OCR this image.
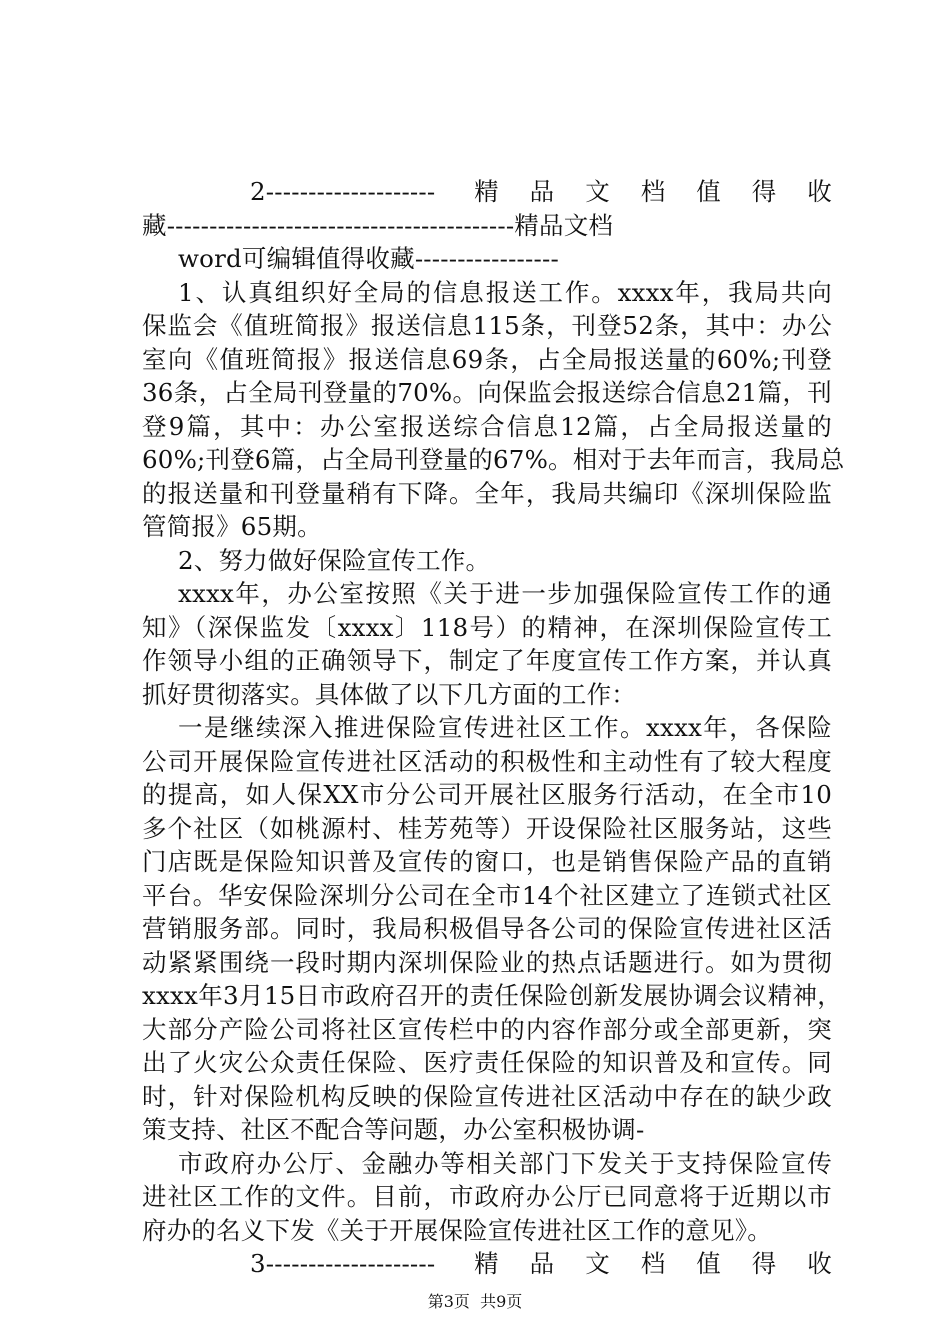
2--------------------  精 品 文 档 值 得 收
藏-----------------------------------------精品文档
word可编辑值得收藏-----------------
1、认真组织好全局的信息报送工作。xxxx年，我局共向
保监会《值班简报》报送信息115条，刊登52条，其中：办公
室向《值班简报》报送信息69条，占全局报送量的60%;刊登
36条，占全局刊登量的70%。向保监会报送综合信息21篇，刊
登9篇，其中：办公室报送综合信息12篇，占全局报送量的
60%;刊登6篇，占全局刊登量的67%。相对于去年而言，我局总
的报送量和刊登量稍有下降。全年，我局共编印《深圳保险监
管简报》65期。
2、努力做好保险宣传工作。
xxxx年，办公室按照《关于进一步加强保险宣传工作的通
知》（深保监发〔xxxx〕118号）的精神，在深圳保险宣传工
作领导小组的正确领导下，制定了年度宣传工作方案，并认真
抓好贯彻落实。具体做了以下几方面的工作：
一是继续深入推进保险宣传进社区工作。xxxx年，各保险
公司开展保险宣传进社区活动的积极性和主动性有了较大程度
的提高，如人保XX市分公司开展社区服务行活动，在全市10
多个社区（如桃源村、桂芳苑等）开设保险社区服务站，这些
门店既是保险知识普及宣传的窗口，也是销售保险产品的直销
平台。华安保险深圳分公司在全市14个社区建立了连锁式社区
营销服务部。同时，我局积极倡导各公司的保险宣传进社区活
动紧紧围绕一段时期内深圳保险业的热点话题进行。如为贯彻
xxxx年3月15日市政府召开的责任保险创新发展协调会议精神，
大部分产险公司将社区宣传栏中的内容作部分或全部更新，突
出了火灾公众责任保险、医疗责任保险的知识普及和宣传。同
时，针对保险机构反映的保险宣传进社区活动中存在的缺少政
策支持、社区不配合等问题，办公室积极协调-
市政府办公厅、金融办等相关部门下发关于支持保险宣传
进社区工作的文件。目前，市政府办公厅已同意将于近期以市
府办的名义下发《关于开展保险宣传进社区工作的意见》。
3--------------------  精 品 文 档 值 得 收
第3页  共9页
